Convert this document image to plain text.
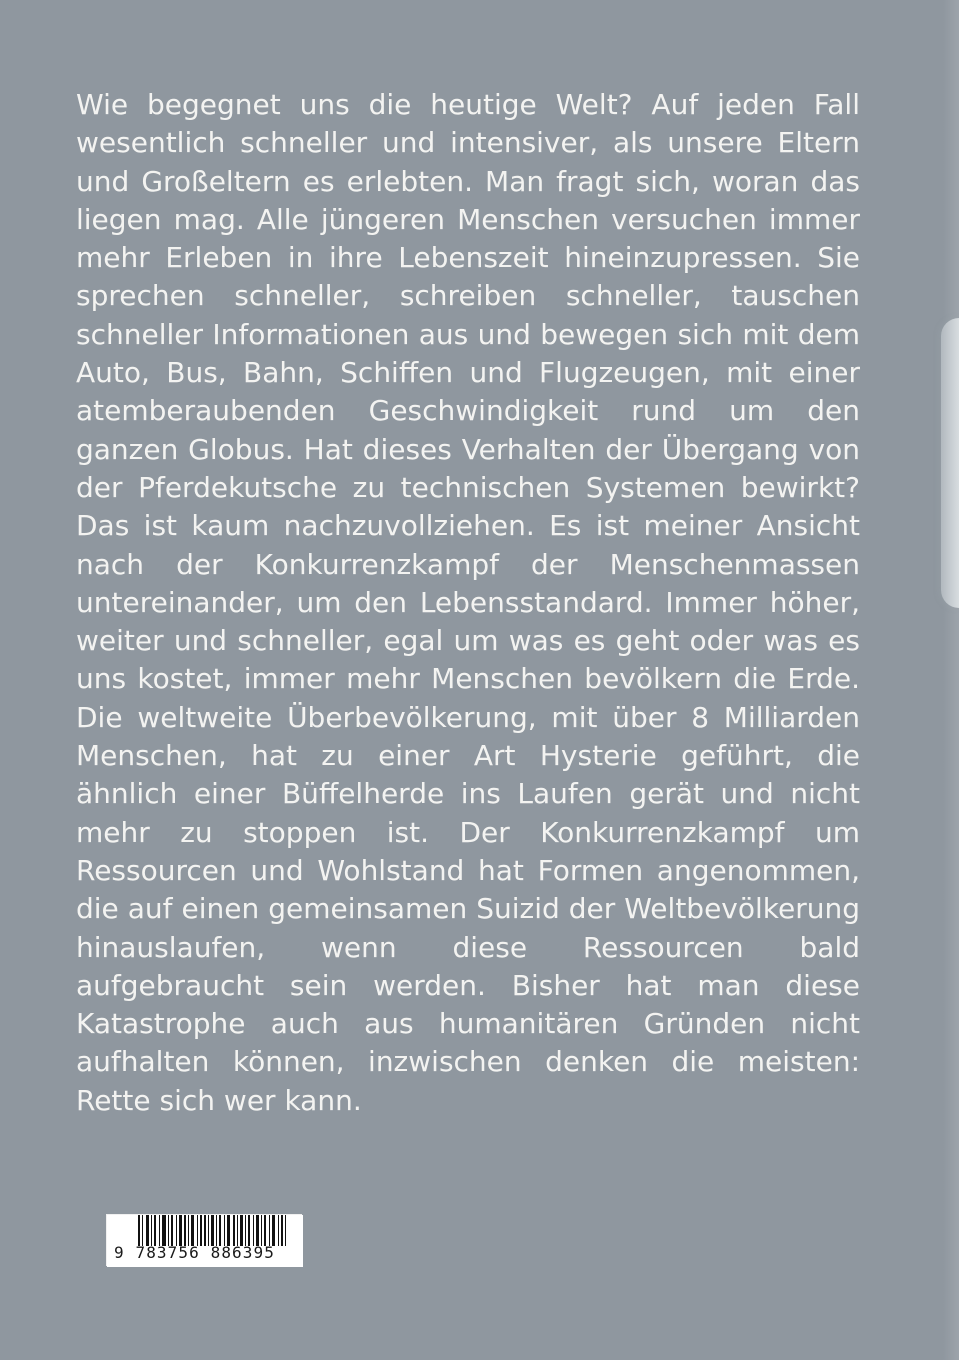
Wie begegnet uns die heutige Welt? Auf jeden Fall wesentlich schneller und intensiver, als unsere Eltern und Großeltern es erlebten. Man fragt sich, woran das liegen mag. Alle jüngeren Menschen versuchen immer mehr Erleben in ihre Lebenszeit hineinzupressen. Sie sprechen schneller, schreiben schneller, tauschen schneller Informationen aus und bewegen sich mit dem Auto, Bus, Bahn, Schiffen und Flugzeugen, mit einer atemberaubenden Geschwindigkeit rund um den ganzen Globus. Hat dieses Verhalten der Übergang von der Pferdekutsche zu technischen Systemen bewirkt? Das ist kaum nachzuvollziehen. Es ist meiner Ansicht nach der Konkurrenzkampf der Menschenmassen untereinander, um den Lebensstandard. Immer höher, weiter und schneller, egal um was es geht oder was es uns kostet, immer mehr Menschen bevölkern die Erde. Die weltweite Überbevölkerung, mit über 8 Milliarden Menschen, hat zu einer Art Hysterie geführt, die ähnlich einer Büffelherde ins Laufen gerät und nicht mehr zu stoppen ist. Der Konkurrenzkampf um Ressourcen und Wohlstand hat Formen angenommen, die auf einen gemeinsamen Suizid der Weltbevölkerung hinauslaufen, wenn diese Ressourcen bald aufgebraucht sein werden. Bisher hat man diese Katastrophe auch aus humanitären Gründen nicht aufhalten können, inzwischen denken die meisten: Rette sich wer kann.

9 783756 886395
